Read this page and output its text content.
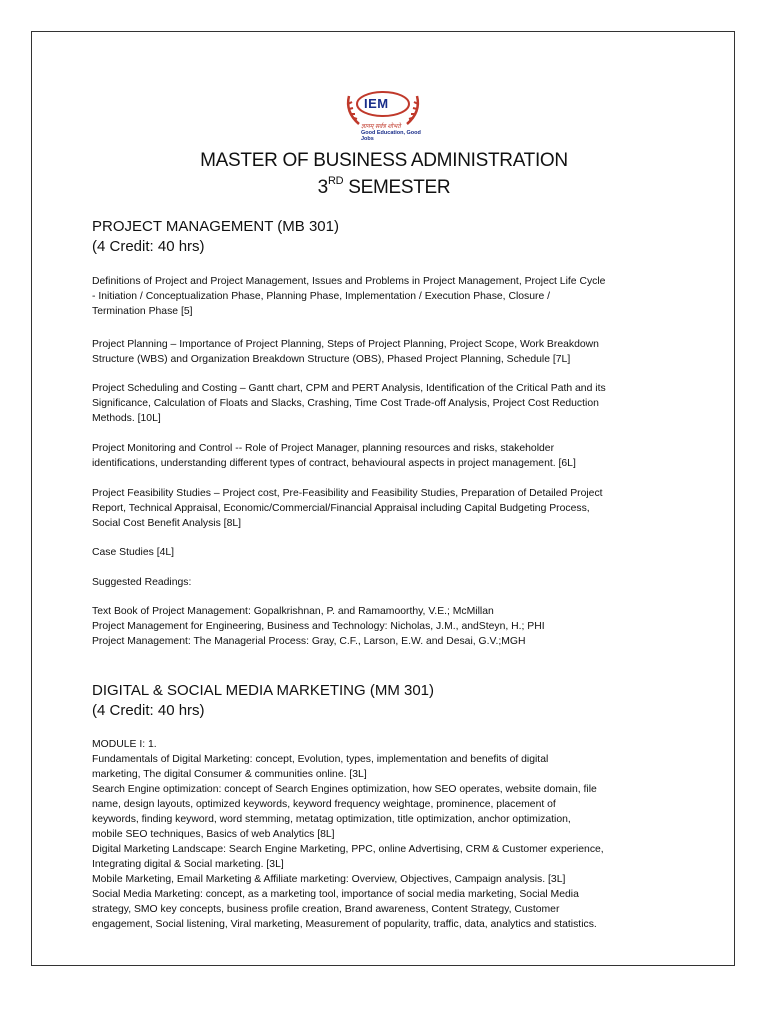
IEM
ज्ञानम् सर्वत्र शोभते
Good Education, Good Jobs
MASTER OF BUSINESS ADMINISTRATION
3RD SEMESTER
PROJECT MANAGEMENT (MB 301)
(4 Credit: 40 hrs)
Definitions of Project and Project Management, Issues and Problems in Project Management, Project Life Cycle
- Initiation / Conceptualization Phase, Planning Phase, Implementation / Execution Phase, Closure /
Termination Phase [5]
Project Planning – Importance of Project Planning, Steps of Project Planning, Project Scope, Work Breakdown
Structure (WBS) and Organization Breakdown Structure (OBS), Phased Project Planning, Schedule [7L]
Project Scheduling and Costing – Gantt chart, CPM and PERT Analysis, Identification of the Critical Path and its
Significance, Calculation of Floats and Slacks, Crashing, Time Cost Trade-off Analysis, Project Cost Reduction
Methods. [10L]
Project Monitoring and Control -- Role of Project Manager, planning resources and risks, stakeholder
identifications, understanding different types of contract, behavioural aspects in project management. [6L]
Project Feasibility Studies – Project cost, Pre-Feasibility and Feasibility Studies, Preparation of Detailed Project
Report, Technical Appraisal, Economic/Commercial/Financial Appraisal including Capital Budgeting Process,
Social Cost Benefit Analysis [8L]
Case Studies [4L]
Suggested Readings:
Text Book of Project Management: Gopalkrishnan, P. and Ramamoorthy, V.E.; McMillan
Project Management for Engineering, Business and Technology: Nicholas, J.M., andSteyn, H.; PHI
Project Management: The Managerial Process: Gray, C.F., Larson, E.W. and Desai, G.V.;MGH
DIGITAL & SOCIAL MEDIA MARKETING (MM 301)
(4 Credit: 40 hrs)
MODULE I: 1.
Fundamentals of Digital Marketing: concept, Evolution, types, implementation and benefits of digital
marketing, The digital Consumer & communities online. [3L]
Search Engine optimization: concept of Search Engines optimization, how SEO operates, website domain, file
name, design layouts, optimized keywords, keyword frequency weightage, prominence, placement of
keywords, finding keyword, word stemming, metatag optimization, title optimization, anchor optimization,
mobile SEO techniques, Basics of web Analytics [8L]
Digital Marketing Landscape: Search Engine Marketing, PPC, online Advertising, CRM & Customer experience,
Integrating digital & Social marketing. [3L]
Mobile Marketing, Email Marketing & Affiliate marketing: Overview, Objectives, Campaign analysis. [3L]
Social Media Marketing: concept, as a marketing tool, importance of social media marketing, Social Media
strategy, SMO key concepts, business profile creation, Brand awareness, Content Strategy, Customer
engagement, Social listening, Viral marketing, Measurement of popularity, traffic, data, analytics and statistics.
